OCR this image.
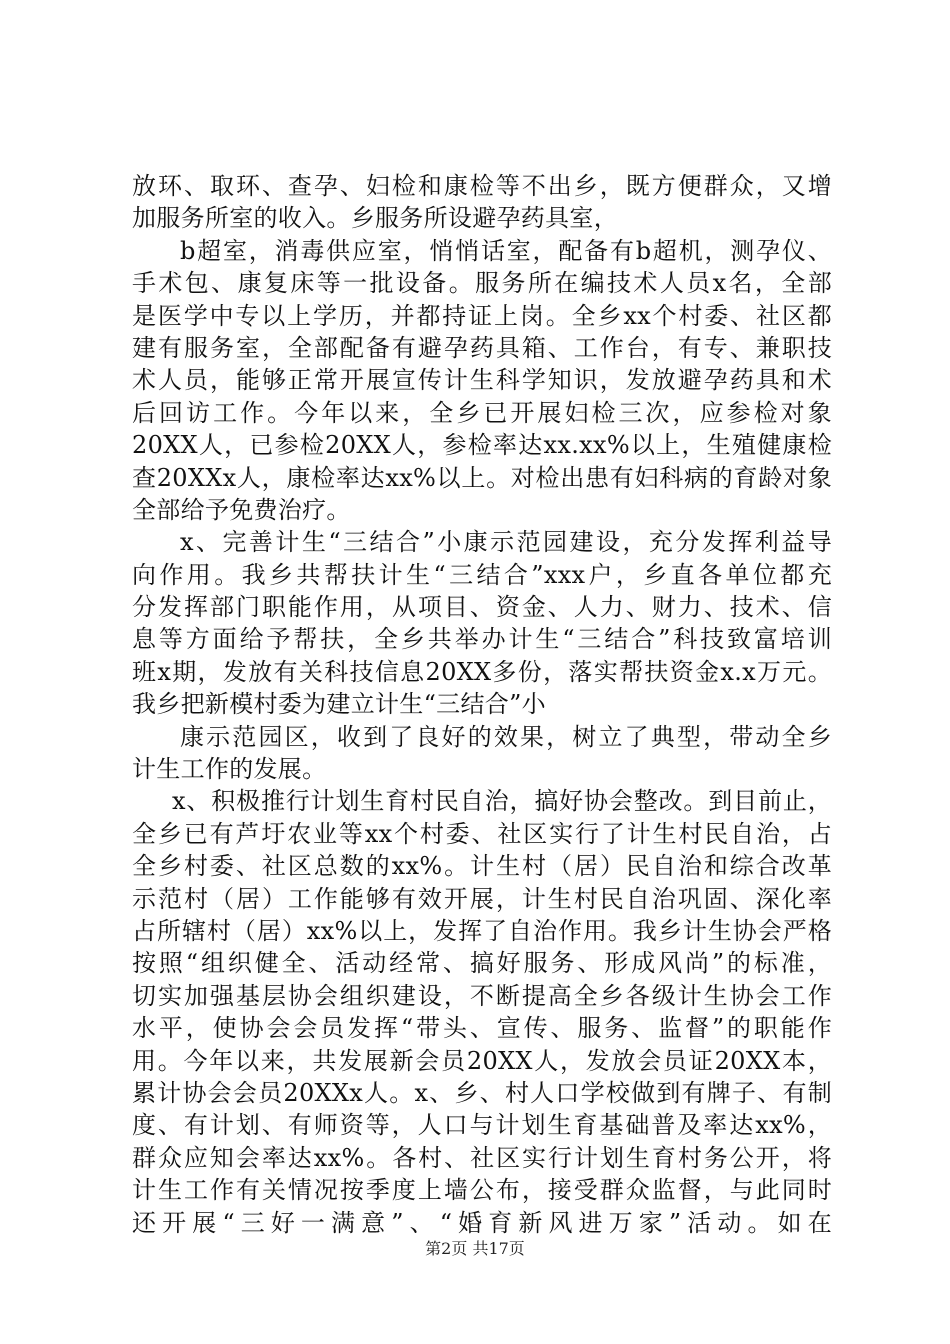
放环、取环、查孕、妇检和康检等不出乡，既方便群众，又增
加服务所室的收入。乡服务所设避孕药具室，
b超室，消毒供应室，悄悄话室，配备有b超机，测孕仪、
手术包、康复床等一批设备。服务所在编技术人员x名，全部
是医学中专以上学历，并都持证上岗。全乡xx个村委、社区都
建有服务室，全部配备有避孕药具箱、工作台，有专、兼职技
术人员，能够正常开展宣传计生科学知识，发放避孕药具和术
后回访工作。今年以来，全乡已开展妇检三次，应参检对象
20XX人，已参检20XX人，参检率达xx.xx%以上，生殖健康检
查20XXx人，康检率达xx%以上。对检出患有妇科病的育龄对象
全部给予免费治疗。
x、完善计生“三结合”小康示范园建设，充分发挥利益导
向作用。我乡共帮扶计生“三结合”xxx户，乡直各单位都充
分发挥部门职能作用，从项目、资金、人力、财力、技术、信
息等方面给予帮扶，全乡共举办计生“三结合”科技致富培训
班x期，发放有关科技信息20XX多份，落实帮扶资金x.x万元。
我乡把新模村委为建立计生“三结合”小
康示范园区，收到了良好的效果，树立了典型，带动全乡
计生工作的发展。
x、积极推行计划生育村民自治，搞好协会整改。到目前止，
全乡已有芦圩农业等xx个村委、社区实行了计生村民自治，占
全乡村委、社区总数的xx%。计生村（居）民自治和综合改革
示范村（居）工作能够有效开展，计生村民自治巩固、深化率
占所辖村（居）xx%以上，发挥了自治作用。我乡计生协会严格
按照“组织健全、活动经常、搞好服务、形成风尚”的标准，
切实加强基层协会组织建设，不断提高全乡各级计生协会工作
水平，使协会会员发挥“带头、宣传、服务、监督”的职能作
用。今年以来，共发展新会员20XX人，发放会员证20XX本，
累计协会会员20XXx人。x、乡、村人口学校做到有牌子、有制
度、有计划、有师资等，人口与计划生育基础普及率达xx%，
群众应知会率达xx%。各村、社区实行计划生育村务公开，将
计生工作有关情况按季度上墙公布，接受群众监督，与此同时
还开展“三好一满意”、“婚育新风进万家”活动。如在
第2页 共17页
